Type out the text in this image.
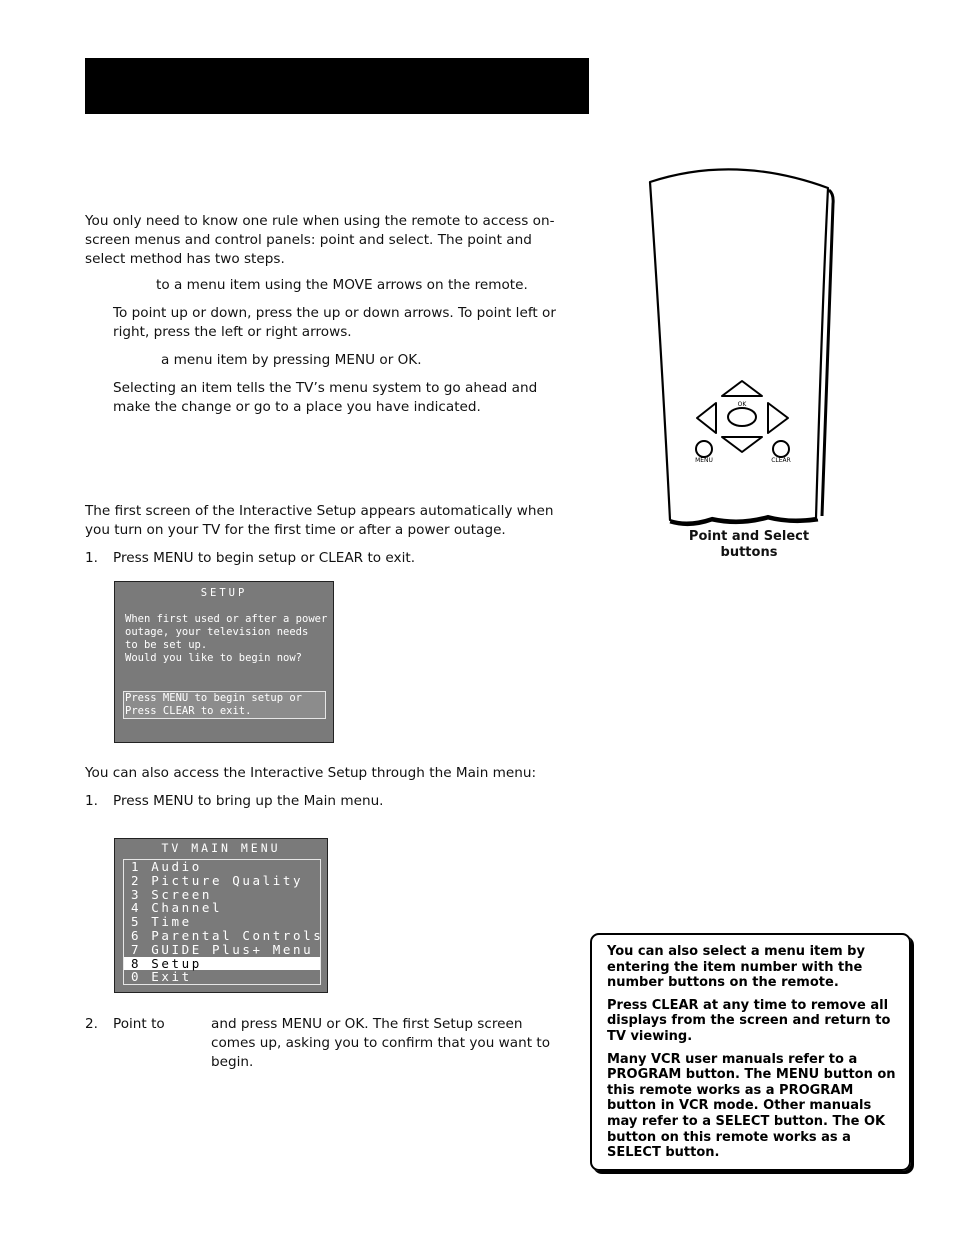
You only need to know one rule when using the remote to access on-screen menus and control panels: point and select. The point and select method has two steps.
to a menu item using the MOVE arrows on the remote.
To point up or down, press the up or down arrows. To point left or right, press the left or right arrows.
a menu item by pressing MENU or OK.
Selecting an item tells the TV’s menu system to go ahead and make the change or go to a place you have indicated.
The first screen of the Interactive Setup appears automatically when you turn on your TV for the first time or after a power outage.
1. Press MENU to begin setup or CLEAR to exit.
SETUP
When first used or after a power
outage, your television needs
to be set up.
Would you like to begin now?
Press MENU to begin setup or
Press CLEAR to exit.
You can also access the Interactive Setup through the Main menu:
1. Press MENU to bring up the Main menu.
TV MAIN MENU
1 Audio
2 Picture Quality
3 Screen
4 Channel
5 Time
6 Parental Controls
7 GUIDE Plus+ Menu
8 Setup
0 Exit
2. Point to	and press MENU or OK. The first Setup screen comes up, asking you to confirm that you want to begin.
OK
MENU	CLEAR
Point and Select
buttons

You can also select a menu item by entering the item number with the number buttons on the remote.

Press CLEAR at any time to remove all displays from the screen and return to TV viewing.

Many VCR user manuals refer to a PROGRAM button. The MENU button on this remote works as a PROGRAM button in VCR mode. Other manuals may refer to a SELECT button. The OK button on this remote works as a SELECT button.
